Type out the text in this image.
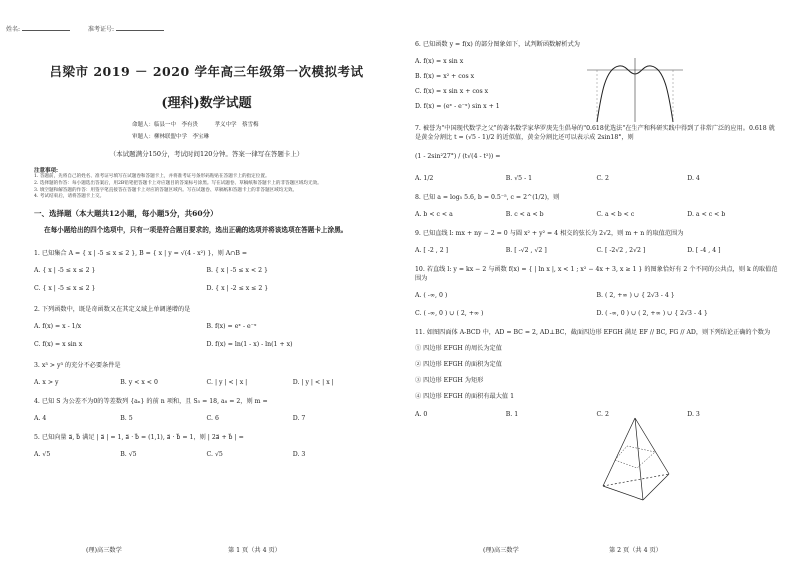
姓名:	准考证号:
吕梁市 2019 － 2020 学年高三年级第一次模拟考试
(理科)数学试题
命题人：临县一中　李有贵　　　孝义中学　蔡雪梅
审题人：柳林联盟中学　李宝琳
（本试题满分150分，考试时间120分钟。答案一律写在答题卡上）
注意事项:
1. 答题前，先将自己的姓名、准考证号填写在试题卷和答题卡上，并将准考证号条形码粘贴在答题卡上的指定位置。
2. 选择题的作答：每小题选出答案后，用2B铅笔把答题卡上对应题目的答案标号涂黑。写在试题卷、草稿纸和答题卡上的非答题区域均无效。
3. 填空题和解答题的作答：用签字笔直接答在答题卡上对应的答题区域内。写在试题卷、草稿纸和答题卡上的非答题区域均无效。
4. 考试结束后，请将答题卡上交。
一、选择题（本大题共12小题，每小题5分，共60分）
在每小题给出的四个选项中，只有一项是符合题目要求的，选出正确的选项并将该选项在答题卡上涂黑。
1. 已知集合 A = { x | -5 ≤ x ≤ 2 }, B = { x | y = √(4 - x²) }，则 A∩B =
A. { x | -5 ≤ x ≤ 2 }	B. { x | -5 ≤ x < 2 }
C. { x | -5 ≤ x ≤ 2 }	D. { x | -2 ≤ x ≤ 2 }
2. 下列函数中，既是奇函数又在其定义域上单调递增的是
A. f(x) = x - 1/x	B. f(x) = eˣ - e⁻ˣ
C. f(x) = x sin x	D. f(x) = ln(1 - x) - ln(1 + x)
3. x³ > y³ 的充分不必要条件是
A. x > y	B. y < x < 0	C. | y | < | x |	D. | y | < | x |
4. 已知 S 为公差不为0的等差数列 {aₙ} 的前 n 项和，且 S₅ = 18, a₈ = 2，则 m =
A. 4	B. 5	C. 6	D. 7
5. 已知向量 a⃗, b⃗ 满足 | a⃗ | = 1, a⃗ · b⃗ = (1,1), a⃗ · b⃗ = 1，则 | 2a⃗ + b⃗ | =
A. √5	B. √5	C. √5	D. 3
(理)高三数学	第 1 页（共 4 页）
6. 已知函数 y = f(x) 的部分图象如下，试判断函数解析式为
A. f(x) = x sin x
B. f(x) = x² + cos x
C. f(x) = x sin x + cos x
D. f(x) = (eˣ - e⁻ˣ) sin x + 1
7. 被誉为"中国现代数学之父"的著名数学家华罗庚先生倡导的"0.618优选法"在生产和科研实践中得到了非常广泛的应用。0.618 就是黄金分割比 t = (√5 - 1)/2 的近似值，黄金分割比还可以表示成 2sin18°，则
(1 - 2sin²27°) / (t√(4 - t²)) =
A. 1/2	B. √5 - 1	C. 2	D. 4
8. 已知 a = log₅ 5.6, b = 0.5⁻⁵, c = 2^(1/2)，则
A. b < c < a	B. c < a < b	C. a < b < c	D. a < c < b
9. 已知直线 l: mx + ny − 2 = 0 与圆 x² + y² = 4 相交的弦长为 2√2，则 m + n 的取值范围为
A. [ -2 , 2 ]	B. [ -√2 , √2 ]	C. [ -2√2 , 2√2 ]	D. [ -4 , 4 ]
10. 若直线 l: y = kx − 2 与函数 f(x) = { | ln x |, x < 1 ; x² − 4x + 3, x ≥ 1 } 的图象恰好有 2 个不同的公共点，则 k 的取值范围为
A. ( -∞, 0 )	B. ( 2, +∞ ) ∪ { 2√3 - 4 }
C. ( -∞, 0 ) ∪ ( 2, +∞ )	D. ( -∞, 0 ) ∪ ( 2, +∞ ) ∪ { 2√3 - 4 }
11. 如图四面体 A-BCD 中，AD = BC = 2, AD⊥BC，截面四边形 EFGH 满足 EF // BC, FG // AD，则下列结论正确的个数为
① 四边形 EFGH 的周长为定值
② 四边形 EFGH 的面积为定值
③ 四边形 EFGH 为矩形
④ 四边形 EFGH 的面积有最大值 1
A. 0	B. 1	C. 2	D. 3
(理)高三数学	第 2 页（共 4 页）
